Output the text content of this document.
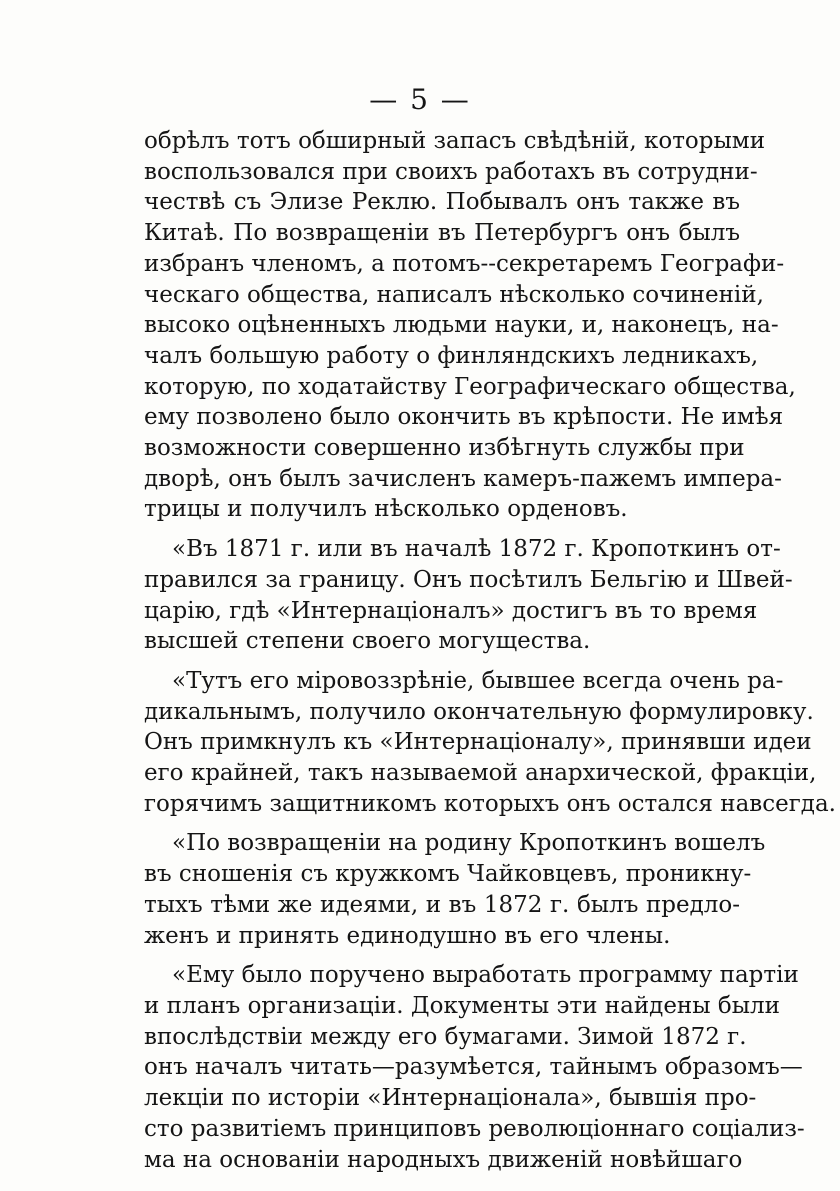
— 5 —
обрѣлъ тотъ обширный запасъ свѣдѣній, которыми
воспользовался при своихъ работахъ въ сотрудни-
чествѣ съ Элизе Реклю. Побывалъ онъ также въ
Китаѣ. По возвращеніи въ Петербургъ онъ былъ
избранъ членомъ, а потомъ--секретаремъ Географи-
ческаго общества, написалъ нѣсколько сочиненій,
высоко оцѣненныхъ людьми науки, и, наконецъ, на-
чалъ большую работу о финляндскихъ ледникахъ,
которую, по ходатайству Географическаго общества,
ему позволено было окончить въ крѣпости. Не имѣя
возможности совершенно избѣгнуть службы при
дворѣ, онъ былъ зачисленъ камеръ-пажемъ импера-
трицы и получилъ нѣсколько орденовъ.
«Въ 1871 г. или въ началѣ 1872 г. Кропоткинъ от-
правился за границу. Онъ посѣтилъ Бельгію и Швей-
царію, гдѣ «Интернаціоналъ» достигъ въ то время
высшей степени своего могущества.
«Тутъ его міровоззрѣніе, бывшее всегда очень ра-
дикальнымъ, получило окончательную формулировку.
Онъ примкнулъ къ «Интернаціоналу», принявши идеи
его крайней, такъ называемой анархической, фракціи,
горячимъ защитникомъ которыхъ онъ остался навсегда.
«По возвращеніи на родину Кропоткинъ вошелъ
въ сношенія съ кружкомъ Чайковцевъ, проникну-
тыхъ тѣми же идеями, и въ 1872 г. былъ предло-
женъ и принять единодушно въ его члены.
«Ему было поручено выработать программу партіи
и планъ организаціи. Документы эти найдены были
впослѣдствіи между его бумагами. Зимой 1872 г.
онъ началъ читать—разумѣется, тайнымъ образомъ—
лекціи по исторіи «Интернаціонала», бывшія про-
сто развитіемъ принциповъ революціоннаго соціализ-
ма на основаніи народныхъ движеній новѣйшаго
